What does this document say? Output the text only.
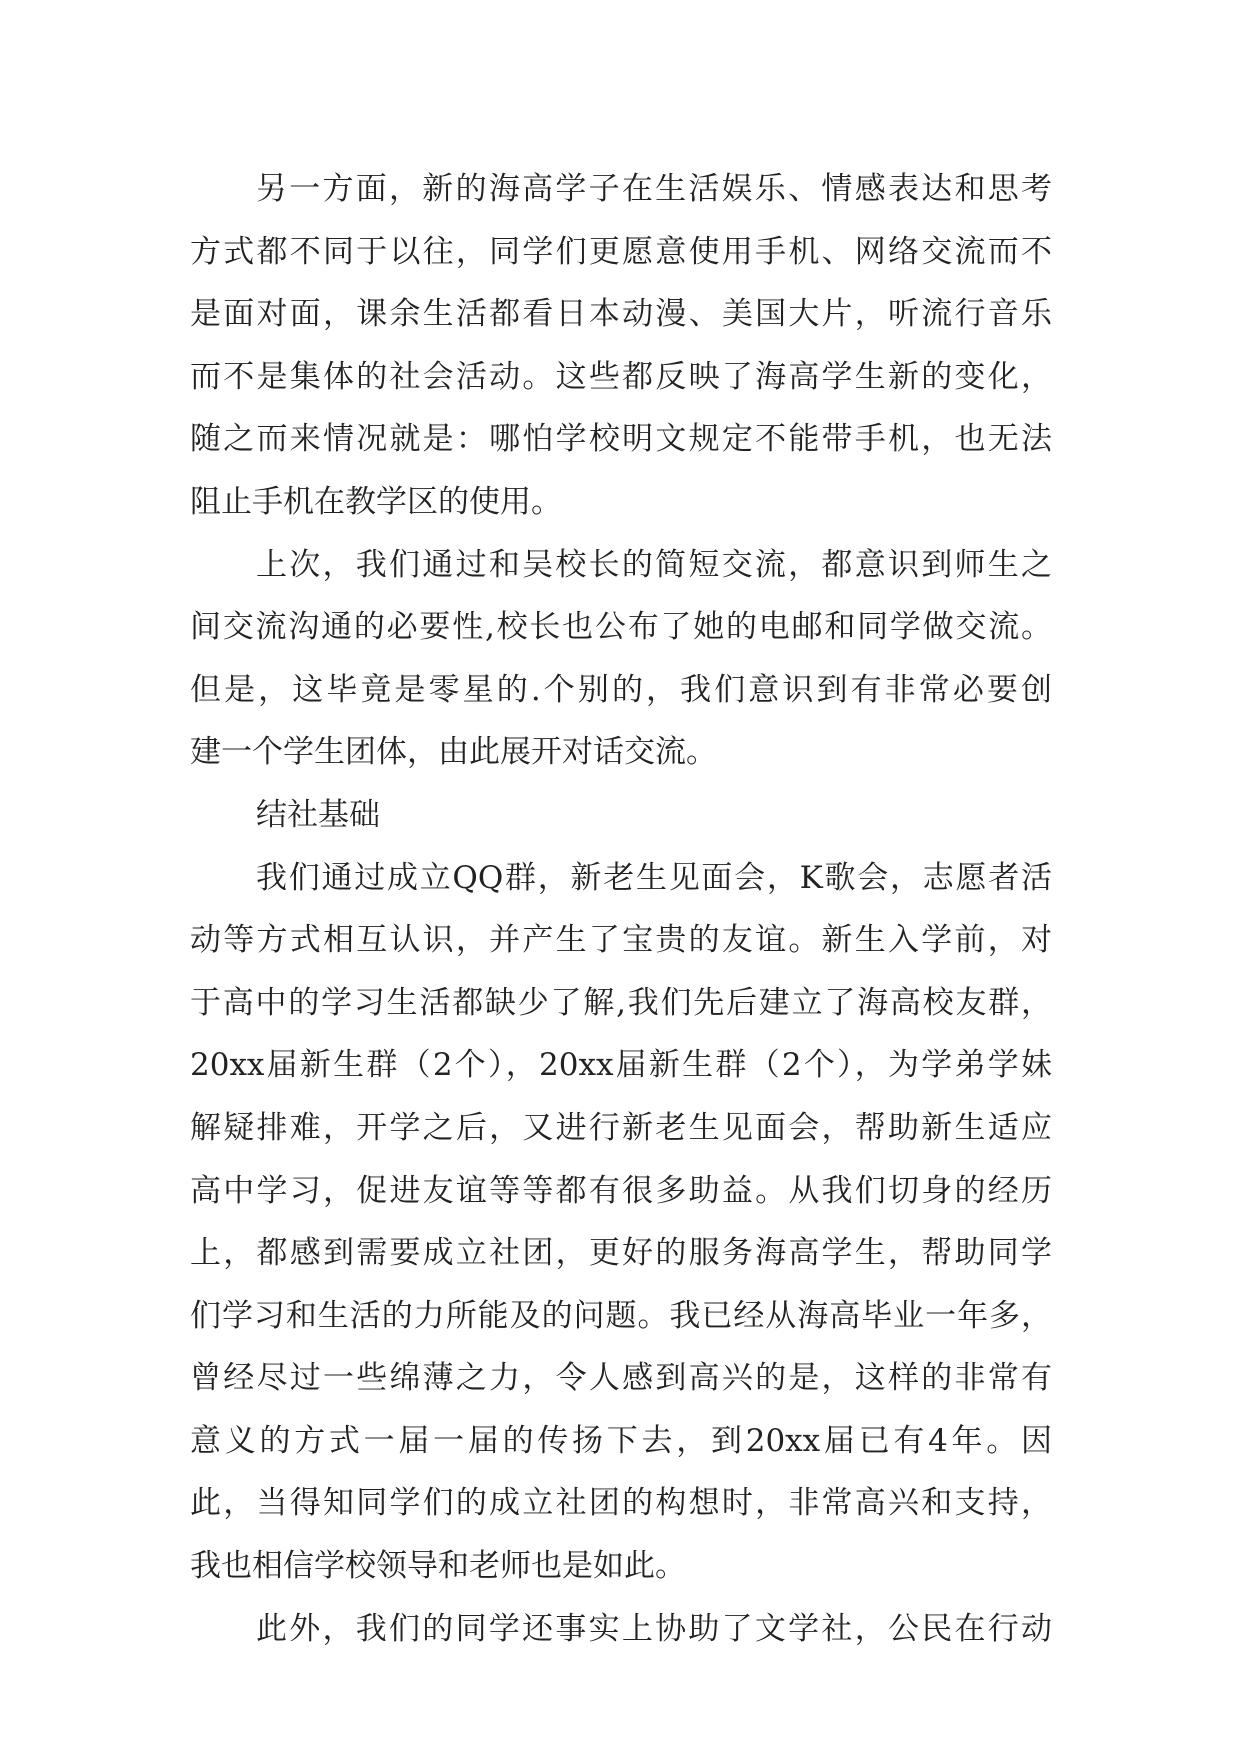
另一方面，新的海高学子在生活娱乐、情感表达和思考
方式都不同于以往，同学们更愿意使用手机、网络交流而不
是面对面，课余生活都看日本动漫、美国大片，听流行音乐
而不是集体的社会活动。这些都反映了海高学生新的变化，
随之而来情况就是：哪怕学校明文规定不能带手机，也无法
阻止手机在教学区的使用。
上次，我们通过和吴校长的简短交流，都意识到师生之
间交流沟通的必要性,校长也公布了她的电邮和同学做交流。
但是，这毕竟是零星的.个别的，我们意识到有非常必要创
建一个学生团体，由此展开对话交流。
结社基础
我们通过成立QQ群，新老生见面会，K歌会，志愿者活
动等方式相互认识，并产生了宝贵的友谊。新生入学前，对
于高中的学习生活都缺少了解,我们先后建立了海高校友群，
20xx届新生群（2个），20xx届新生群（2个），为学弟学妹
解疑排难，开学之后，又进行新老生见面会，帮助新生适应
高中学习，促进友谊等等都有很多助益。从我们切身的经历
上，都感到需要成立社团，更好的服务海高学生，帮助同学
们学习和生活的力所能及的问题。我已经从海高毕业一年多，
曾经尽过一些绵薄之力，令人感到高兴的是，这样的非常有
意义的方式一届一届的传扬下去，到20xx届已有4年。因
此，当得知同学们的成立社团的构想时，非常高兴和支持，
我也相信学校领导和老师也是如此。
此外，我们的同学还事实上协助了文学社，公民在行动
